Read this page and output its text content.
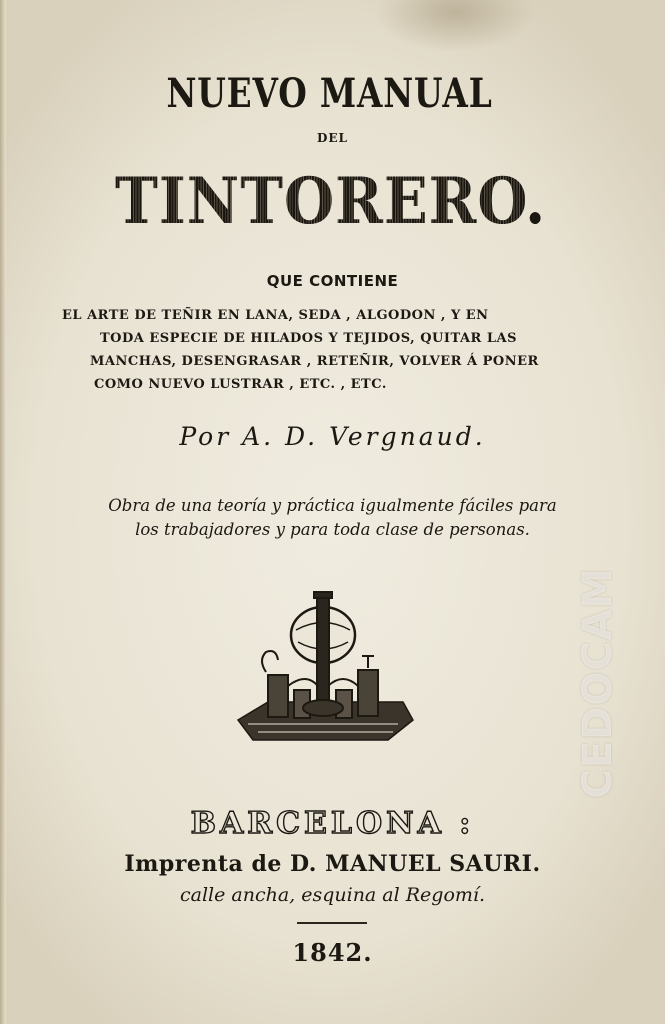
NUEVO MANUAL
DEL
TINTORERO.
QUE CONTIENE
EL ARTE DE TEÑIR EN LANA, SEDA , ALGODON , Y EN
TODA ESPECIE DE HILADOS Y TEJIDOS, QUITAR LAS
MANCHAS, DESENGRASAR , RETEÑIR, VOLVER Á PONER
COMO NUEVO LUSTRAR , ETC. , ETC.
Por A. D. Vergnaud.
Obra de una teoría y práctica igualmente fáciles para
los trabajadores y para toda clase de personas.
CEDOCAM
BARCELONA :
Imprenta de D. MANUEL SAURI.
calle ancha, esquina al Regomí.
1842.
